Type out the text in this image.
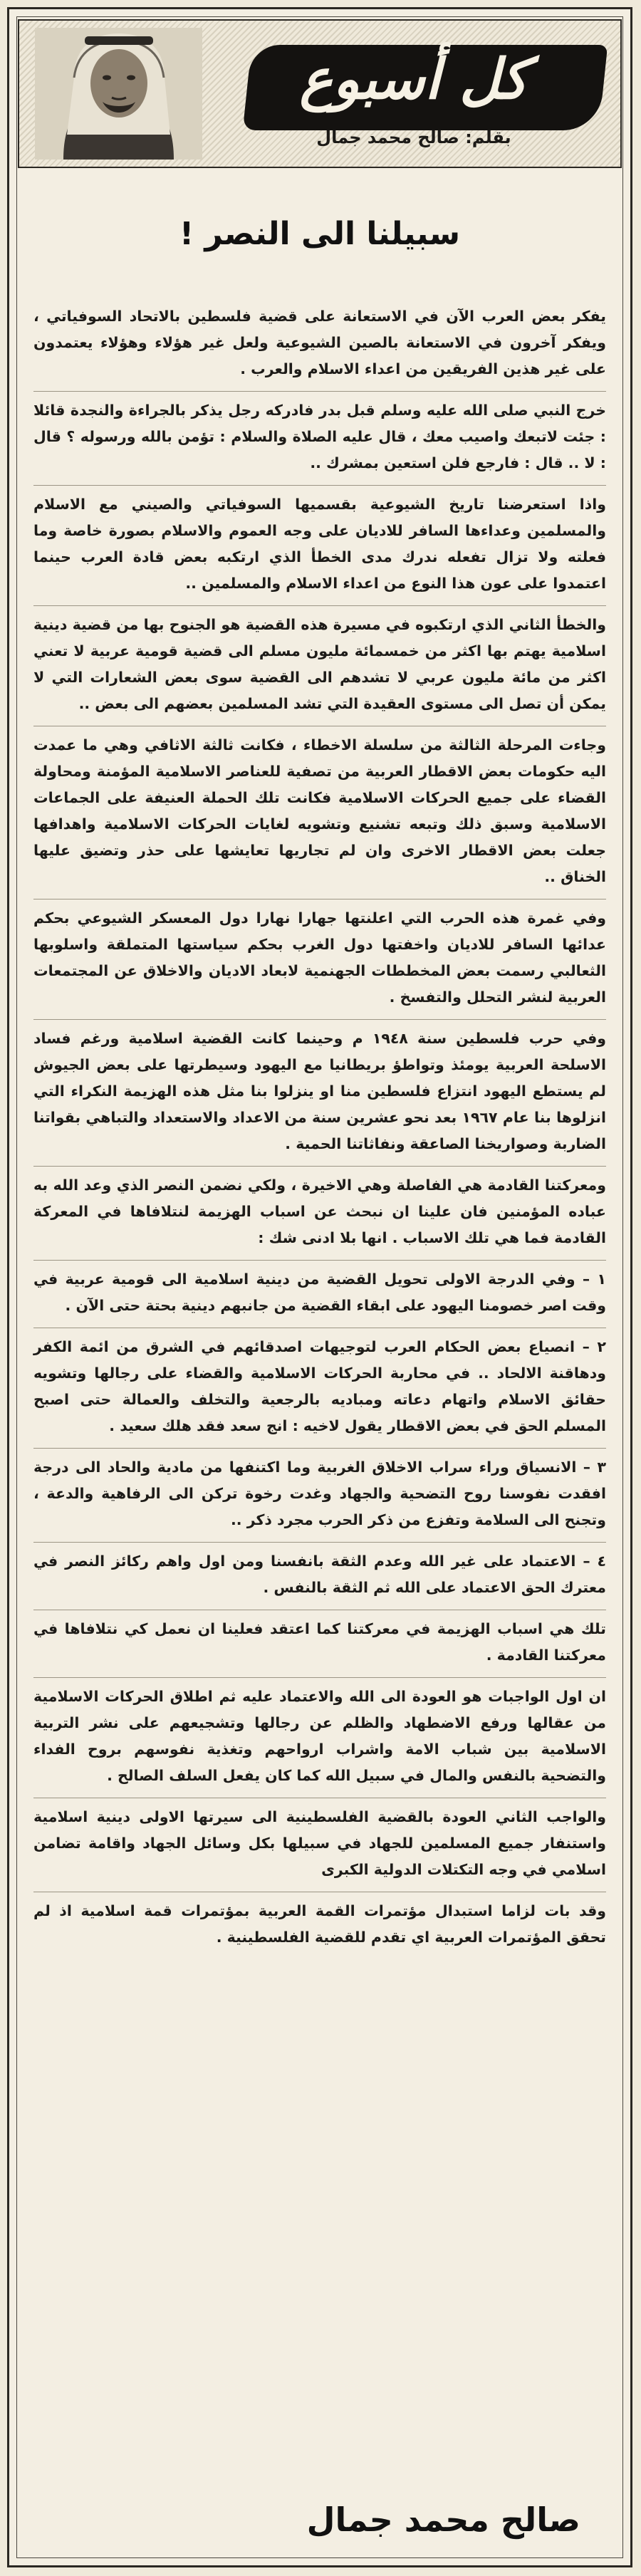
كل أسبوع
بقلم: صالح محمد جمال
سبيلنا الى النصر !

يفكر بعض العرب الآن في الاستعانة على قضية فلسطين بالاتحاد السوفياتي ، ويفكر آخرون في الاستعانة بالصين الشيوعية ولعل غير هؤلاء وهؤلاء يعتمدون على غير هذين الفريقين من اعداء الاسلام والعرب .

خرج النبي صلى الله عليه وسلم قبل بدر فادركه رجل يذكر بالجراءة والنجدة قائلا : جئت لاتبعك واصيب معك ، قال عليه الصلاة والسلام : تؤمن بالله ورسوله ؟ قال : لا .. قال : فارجع فلن استعين بمشرك ..

واذا استعرضنا تاريخ الشيوعية بقسميها السوفياتي والصيني مع الاسلام والمسلمين وعداءها السافر للاديان على وجه العموم والاسلام بصورة خاصة وما فعلته ولا تزال تفعله ندرك مدى الخطأ الذي ارتكبه بعض قادة العرب حينما اعتمدوا على عون هذا النوع من اعداء الاسلام والمسلمين ..

والخطأ الثاني الذي ارتكبوه في مسيرة هذه القضية هو الجنوح بها من قضية دينية اسلامية يهتم بها اكثر من خمسمائة مليون مسلم الى قضية قومية عربية لا تعني اكثر من مائة مليون عربي لا تشدهم الى القضية سوى بعض الشعارات التي لا يمكن أن تصل الى مستوى العقيدة التي تشد المسلمين بعضهم الى بعض ..

وجاءت المرحلة الثالثة من سلسلة الاخطاء ، فكانت ثالثة الاثافي وهي ما عمدت اليه حكومات بعض الاقطار العربية من تصفية للعناصر الاسلامية المؤمنة ومحاولة القضاء على جميع الحركات الاسلامية فكانت تلك الحملة العنيفة على الجماعات الاسلامية وسبق ذلك وتبعه تشنيع وتشويه لغايات الحركات الاسلامية واهدافها جعلت بعض الاقطار الاخرى وان لم تجاريها تعايشها على حذر وتضيق عليها الخناق ..

وفي غمرة هذه الحرب التي اعلنتها جهارا نهارا دول المعسكر الشيوعي بحكم عدائها السافر للاديان واخفتها دول الغرب بحكم سياستها المتملقة واسلوبها الثعالبي رسمت بعض المخططات الجهنمية لابعاد الاديان والاخلاق عن المجتمعات العربية لنشر التحلل والتفسخ .

وفي حرب فلسطين سنة ١٩٤٨ م وحينما كانت القضية اسلامية ورغم فساد الاسلحة العربية يومئذ وتواطؤ بريطانيا مع اليهود وسيطرتها على بعض الجيوش لم يستطع اليهود انتزاع فلسطين منا او ينزلوا بنا مثل هذه الهزيمة النكراء التي انزلوها بنا عام ١٩٦٧ بعد نحو عشرين سنة من الاعداد والاستعداد والتباهي بقواتنا الضاربة وصواريخنا الصاعقة ونفاثاتنا الحمية .

ومعركتنا القادمة هي الفاصلة وهي الاخيرة ، ولكي نضمن النصر الذي وعد الله به عباده المؤمنين فان علينا ان نبحث عن اسباب الهزيمة لنتلافاها في المعركة القادمة فما هي تلك الاسباب . انها بلا ادنى شك :

١ – وفي الدرجة الاولى تحويل القضية من دينية اسلامية الى قومية عربية في وقت اصر خصومنا اليهود على ابقاء القضية من جانبهم دينية بحتة حتى الآن .

٢ – انصياع بعض الحكام العرب لتوجيهات اصدقائهم في الشرق من ائمة الكفر ودهاقنة الالحاد .. في محاربة الحركات الاسلامية والقضاء على رجالها وتشويه حقائق الاسلام واتهام دعاته ومباديه بالرجعية والتخلف والعمالة حتى اصبح المسلم الحق في بعض الاقطار يقول لاخيه : انج سعد فقد هلك سعيد .

٣ – الانسياق وراء سراب الاخلاق الغربية وما اكتنفها من مادية والحاد الى درجة افقدت نفوسنا روح التضحية والجهاد وغدت رخوة تركن الى الرفاهية والدعة ، وتجنح الى السلامة وتفزع من ذكر الحرب مجرد ذكر ..

٤ – الاعتماد على غير الله وعدم الثقة بانفسنا ومن اول واهم ركائز النصر في معترك الحق الاعتماد على الله ثم الثقة بالنفس .

تلك هي اسباب الهزيمة في معركتنا كما اعتقد فعلينا ان نعمل كي نتلافاها في معركتنا القادمة .

ان اول الواجبات هو العودة الى الله والاعتماد عليه ثم اطلاق الحركات الاسلامية من عقالها ورفع الاضطهاد والظلم عن رجالها وتشجيعهم على نشر التربية الاسلامية بين شباب الامة واشراب ارواحهم وتغذية نفوسهم بروح الفداء والتضحية بالنفس والمال في سبيل الله كما كان يفعل السلف الصالح .

والواجب الثاني العودة بالقضية الفلسطينية الى سيرتها الاولى دينية اسلامية واستنفار جميع المسلمين للجهاد في سبيلها بكل وسائل الجهاد واقامة تضامن اسلامي في وجه التكتلات الدولية الكبرى

وقد بات لزاما استبدال مؤتمرات القمة العربية بمؤتمرات قمة اسلامية اذ لم تحقق المؤتمرات العربية اي تقدم للقضية الفلسطينية .

صالح محمد جمال
